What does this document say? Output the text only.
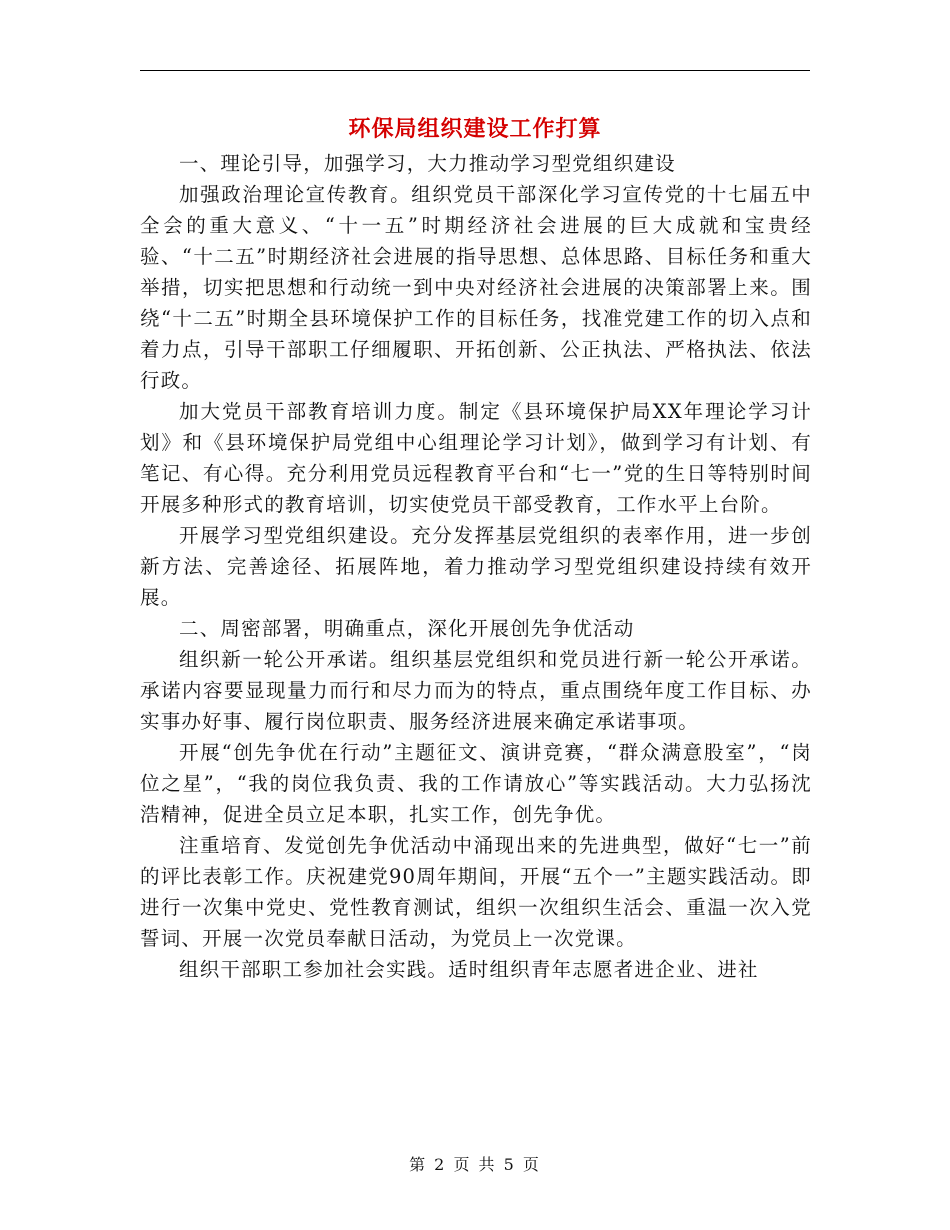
环保局组织建设工作打算

一、理论引导，加强学习，大力推动学习型党组织建设

加强政治理论宣传教育。组织党员干部深化学习宣传党的十七届五中全会的重大意义、“十一五”时期经济社会进展的巨大成就和宝贵经验、“十二五”时期经济社会进展的指导思想、总体思路、目标任务和重大举措，切实把思想和行动统一到中央对经济社会进展的决策部署上来。围绕“十二五”时期全县环境保护工作的目标任务，找准党建工作的切入点和着力点，引导干部职工仔细履职、开拓创新、公正执法、严格执法、依法行政。

加大党员干部教育培训力度。制定《县环境保护局XX年理论学习计划》和《县环境保护局党组中心组理论学习计划》，做到学习有计划、有笔记、有心得。充分利用党员远程教育平台和“七一”党的生日等特别时间开展多种形式的教育培训，切实使党员干部受教育，工作水平上台阶。

开展学习型党组织建设。充分发挥基层党组织的表率作用，进一步创新方法、完善途径、拓展阵地，着力推动学习型党组织建设持续有效开展。

二、周密部署，明确重点，深化开展创先争优活动

组织新一轮公开承诺。组织基层党组织和党员进行新一轮公开承诺。承诺内容要显现量力而行和尽力而为的特点，重点围绕年度工作目标、办实事办好事、履行岗位职责、服务经济进展来确定承诺事项。

开展“创先争优在行动”主题征文、演讲竞赛，“群众满意股室”，“岗位之星”，“我的岗位我负责、我的工作请放心”等实践活动。大力弘扬沈浩精神，促进全员立足本职，扎实工作，创先争优。

注重培育、发觉创先争优活动中涌现出来的先进典型，做好“七一”前的评比表彰工作。庆祝建党90周年期间，开展“五个一”主题实践活动。即进行一次集中党史、党性教育测试，组织一次组织生活会、重温一次入党誓词、开展一次党员奉献日活动，为党员上一次党课。

组织干部职工参加社会实践。适时组织青年志愿者进企业、进社

第 2 页 共 5 页
